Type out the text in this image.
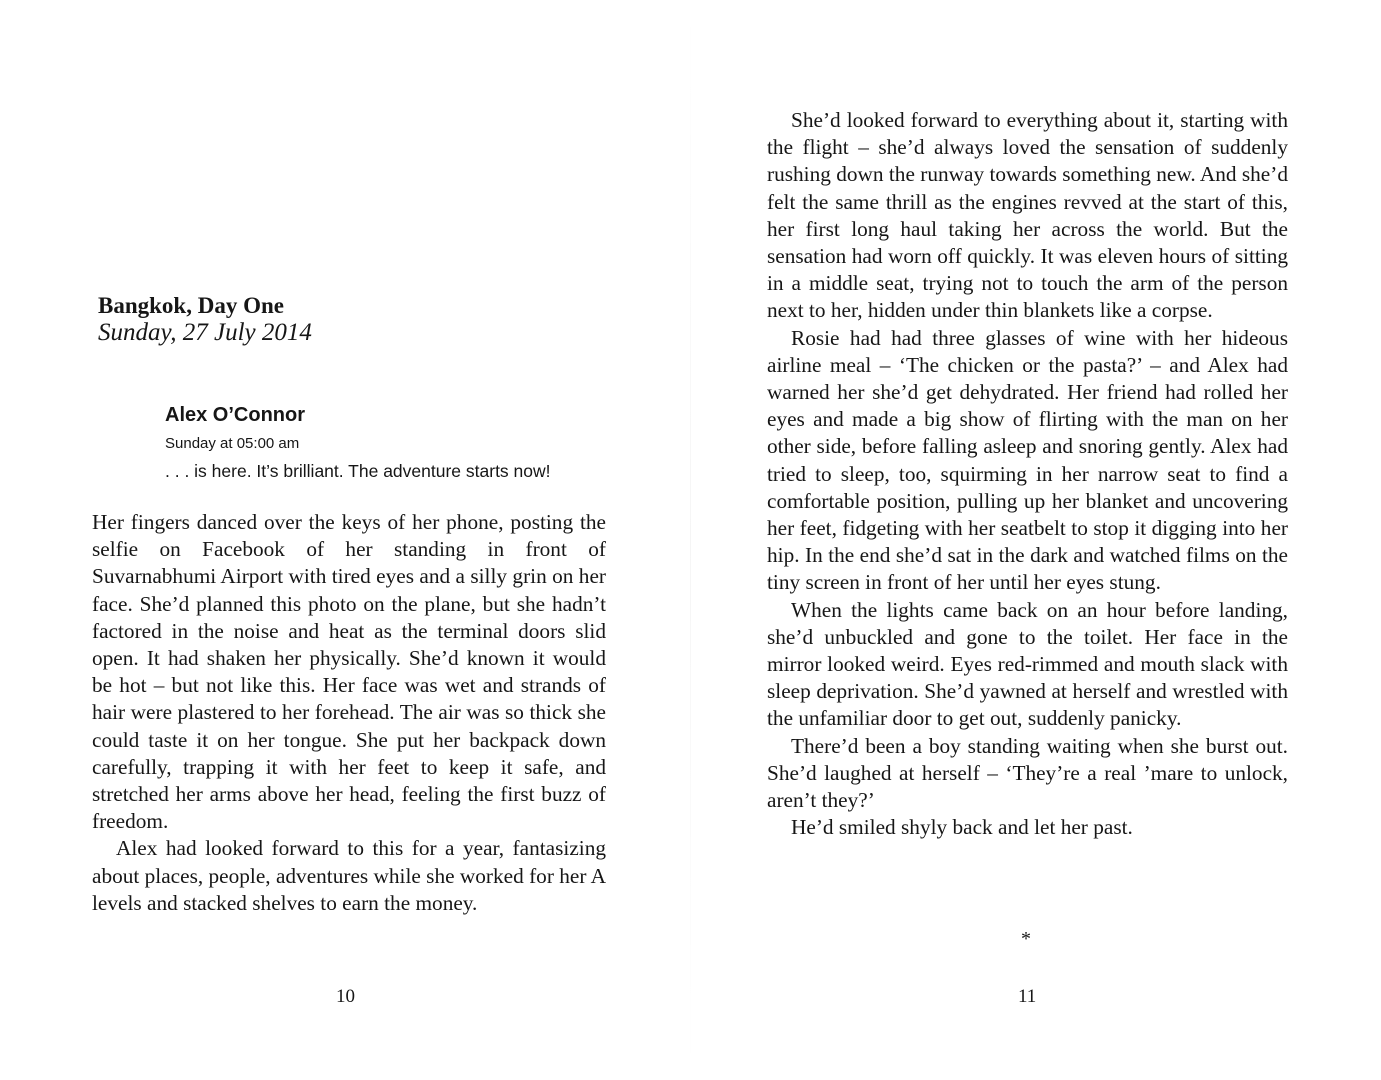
Bangkok, Day One
Sunday, 27 July 2014
Alex O’Connor
Sunday at 05:00 am
. . . is here. It’s brilliant. The adventure starts now!

Her fingers danced over the keys of her phone, posting the selfie on Facebook of her standing in front of Suvarnabhumi Airport with tired eyes and a silly grin on her face. She’d planned this photo on the plane, but she hadn’t factored in the noise and heat as the terminal doors slid open. It had shaken her physically. She’d known it would be hot – but not like this. Her face was wet and strands of hair were plastered to her forehead. The air was so thick she could taste it on her tongue. She put her backpack down carefully, trapping it with her feet to keep it safe, and stretched her arms above her head, feeling the first buzz of freedom.

Alex had looked forward to this for a year, fantasizing about places, people, adventures while she worked for her A levels and stacked shelves to earn the money.

10

She’d looked forward to everything about it, starting with the flight – she’d always loved the sensation of suddenly rushing down the runway towards something new. And she’d felt the same thrill as the engines revved at the start of this, her first long haul taking her across the world. But the sensation had worn off quickly. It was eleven hours of sitting in a middle seat, trying not to touch the arm of the person next to her, hidden under thin blankets like a corpse.

Rosie had had three glasses of wine with her hideous airline meal – ‘The chicken or the pasta?’ – and Alex had warned her she’d get dehydrated. Her friend had rolled her eyes and made a big show of flirting with the man on her other side, before falling asleep and snoring gently. Alex had tried to sleep, too, squirming in her narrow seat to find a comfortable position, pulling up her blanket and uncovering her feet, fidgeting with her seatbelt to stop it digging into her hip. In the end she’d sat in the dark and watched films on the tiny screen in front of her until her eyes stung.

When the lights came back on an hour before landing, she’d unbuckled and gone to the toilet. Her face in the mirror looked weird. Eyes red-rimmed and mouth slack with sleep deprivation. She’d yawned at herself and wrestled with the unfamiliar door to get out, suddenly panicky.

There’d been a boy standing waiting when she burst out. She’d laughed at herself – ‘They’re a real ’mare to unlock, aren’t they?’

He’d smiled shyly back and let her past.

*
11
